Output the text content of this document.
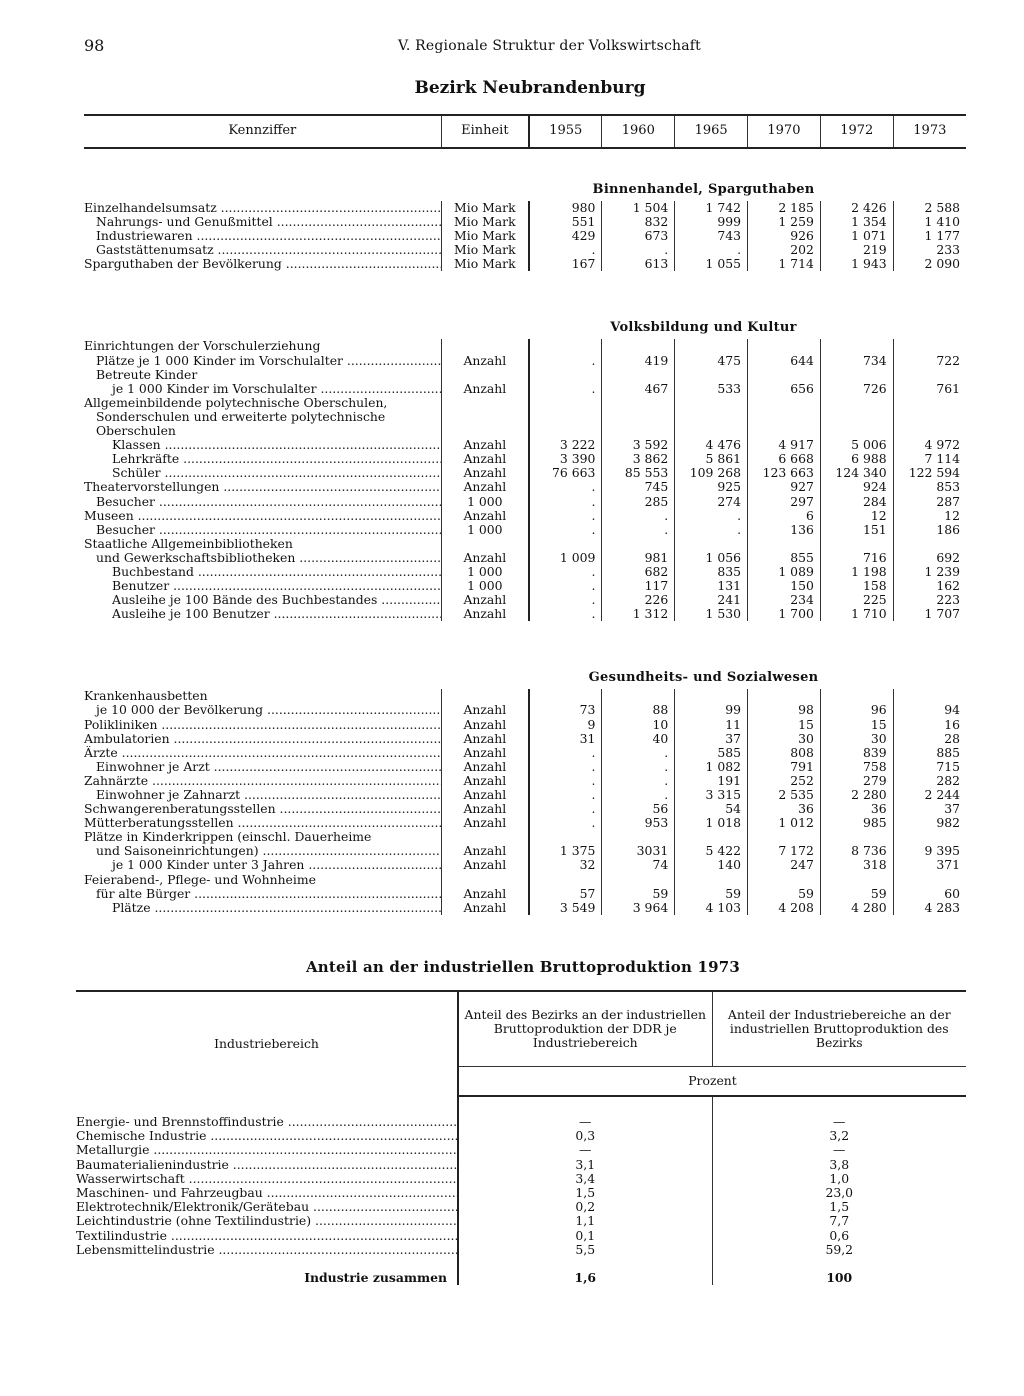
98	V. Regionale Struktur der Volkswirtschaft
Bezirk Neubrandenburg
Kennziffer	Einheit	1955	1960	1965	1970	1972	1973
	Binnenhandel, Sparguthaben						
Einzelhandelsumsatz .....	Mio Mark	980	1 504	1 742	2 185	2 426	2 588
Nahrungs- und Genußmittel .....	Mio Mark	551	832	999	1 259	1 354	1 410
Industriewaren .....	Mio Mark	429	673	743	926	1 071	1 177
Gaststättenumsatz .....	Mio Mark	.	.	.	202	219	233
Sparguthaben der Bevölkerung .....	Mio Mark	167	613	1 055	1 714	1 943	2 090

	Volksbildung und Kultur						
Einrichtungen der Vorschulerziehung							
Plätze je 1 000 Kinder im Vorschulalter .....	Anzahl	.	419	475	644	734	722
Betreute Kinder							
je 1 000 Kinder im Vorschulalter .....	Anzahl	.	467	533	656	726	761
Allgemeinbildende polytechnische Oberschulen,							
Sonderschulen und erweiterte polytechnische							
Oberschulen							
Klassen .....	Anzahl	3 222	3 592	4 476	4 917	5 006	4 972
Lehrkräfte .....	Anzahl	3 390	3 862	5 861	6 668	6 988	7 114
Schüler .....	Anzahl	76 663	85 553	109 268	123 663	124 340	122 594
Theatervorstellungen .....	Anzahl	.	745	925	927	924	853
Besucher .....	1 000	.	285	274	297	284	287
Museen .....	Anzahl	.	.	.	6	12	12
Besucher .....	1 000	.	.	.	136	151	186
Staatliche Allgemeinbibliotheken							
und Gewerkschaftsbibliotheken .....	Anzahl	1 009	981	1 056	855	716	692
Buchbestand .....	1 000	.	682	835	1 089	1 198	1 239
Benutzer .....	1 000	.	117	131	150	158	162
Ausleihe je 100 Bände des Buchbestandes .....	Anzahl	.	226	241	234	225	223
Ausleihe je 100 Benutzer .....	Anzahl	.	1 312	1 530	1 700	1 710	1 707

	Gesundheits- und Sozialwesen						
Krankenhausbetten							
je 10 000 der Bevölkerung .....	Anzahl	73	88	99	98	96	94
Polikliniken .....	Anzahl	9	10	11	15	15	16
Ambulatorien .....	Anzahl	31	40	37	30	30	28
Ärzte .....	Anzahl	.	.	585	808	839	885
Einwohner je Arzt .....	Anzahl	.	.	1 082	791	758	715
Zahnärzte .....	Anzahl	.	.	191	252	279	282
Einwohner je Zahnarzt .....	Anzahl	.	.	3 315	2 535	2 280	2 244
Schwangerenberatungsstellen .....	Anzahl	.	56	54	36	36	37
Mütterberatungsstellen .....	Anzahl	.	953	1 018	1 012	985	982
Plätze in Kinderkrippen (einschl. Dauerheime							
und Saisoneinrichtungen) .....	Anzahl	1 375	3031	5 422	7 172	8 736	9 395
je 1 000 Kinder unter 3 Jahren .....	Anzahl	32	74	140	247	318	371
Feierabend-, Pflege- und Wohnheime							
für alte Bürger .....	Anzahl	57	59	59	59	59	60
Plätze .....	Anzahl	3 549	3 964	4 103	4 208	4 280	4 283
Anteil an der industriellen Bruttoproduktion 1973
Industriebereich	Anteil des Bezirks an der industriellen Bruttoproduktion der DDR je Industriebereich	Anteil der Industriebereiche an der industriellen Bruttoproduktion des Bezirks
	Prozent	

Energie- und Brennstoffindustrie .....	—	—
Chemische Industrie .....	0,3	3,2
Metallurgie .....	—	—
Baumaterialienindustrie .....	3,1	3,8
Wasserwirtschaft .....	3,4	1,0
Maschinen- und Fahrzeugbau .....	1,5	23,0
Elektrotechnik/Elektronik/Gerätebau .....	0,2	1,5
Leichtindustrie (ohne Textilindustrie) .....	1,1	7,7
Textilindustrie .....	0,1	0,6
Lebensmittelindustrie .....	5,5	59,2
Industrie zusammen	1,6	100
